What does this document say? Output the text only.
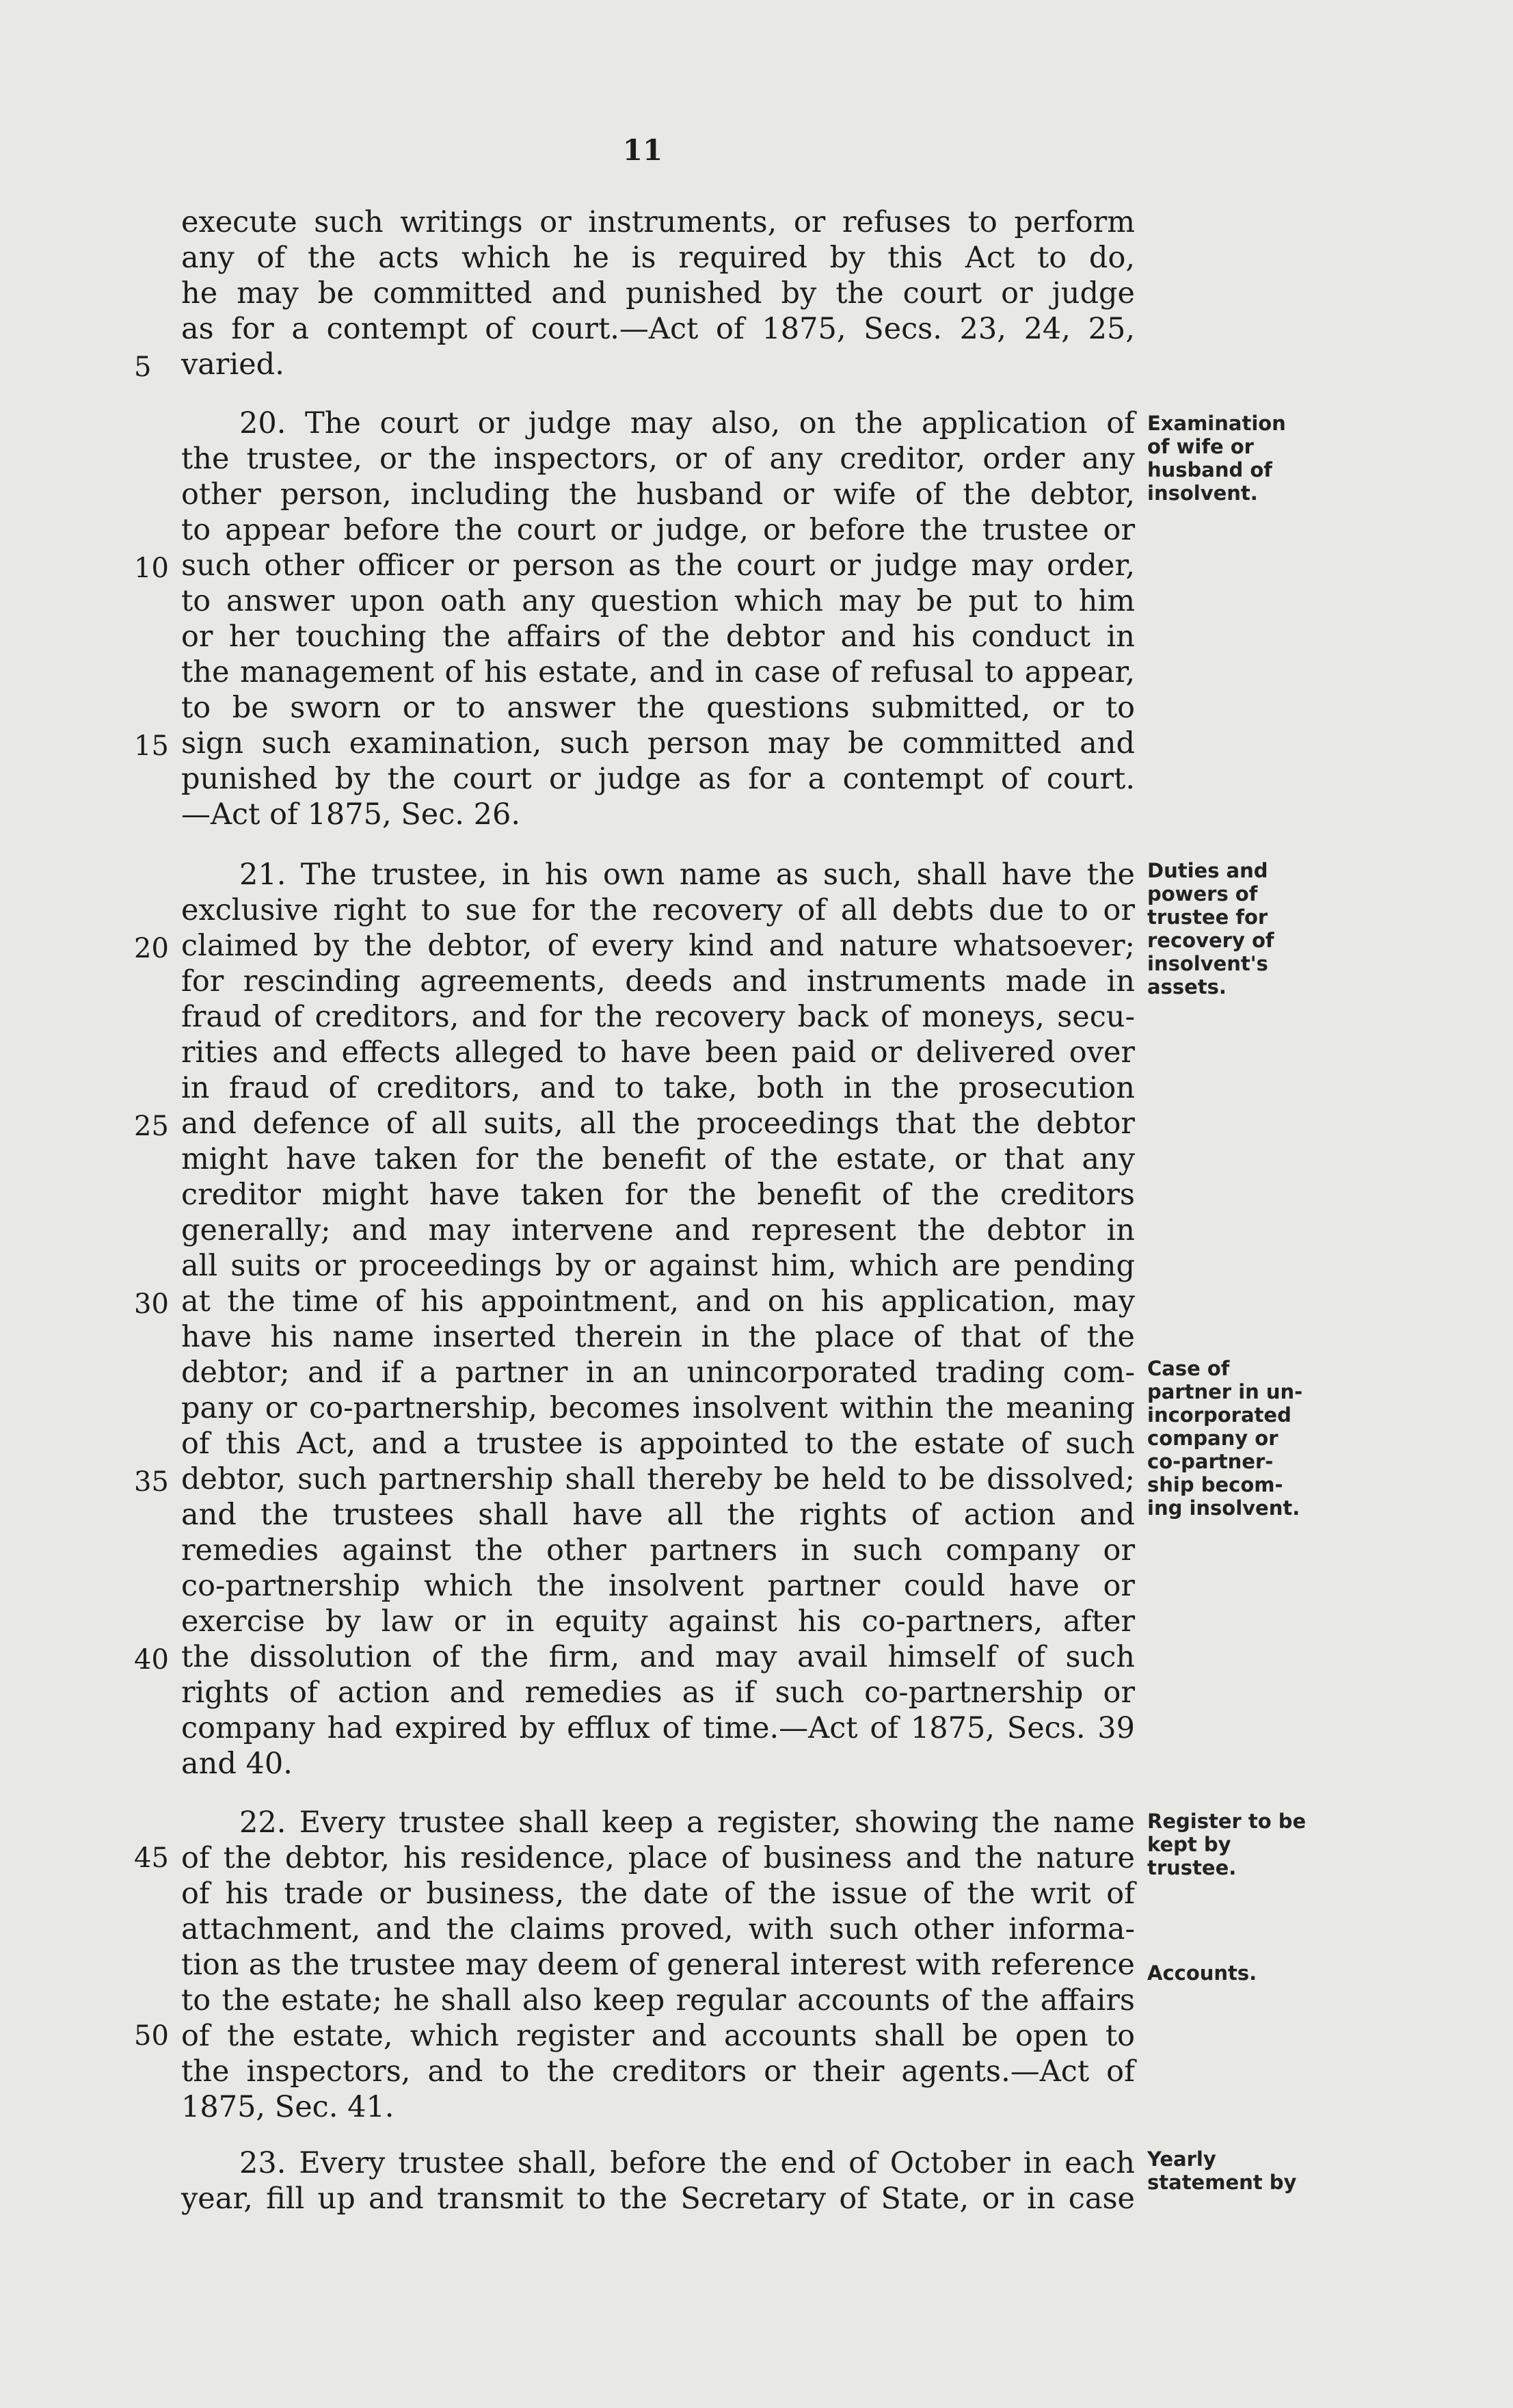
11
execute such writings or instruments, or refuses to perform
any of the acts which he is required by this Act to do,
he may be committed and punished by the court or judge
as for a contempt of court.—Act of 1875, Secs. 23, 24, 25,
varied.
20. The court or judge may also, on the application of
the trustee, or the inspectors, or of any creditor, order any
other person, including the husband or wife of the debtor,
to appear before the court or judge, or before the trustee or
such other officer or person as the court or judge may order,
to answer upon oath any question which may be put to him
or her touching the affairs of the debtor and his conduct in
the management of his estate, and in case of refusal to appear,
to be sworn or to answer the questions submitted, or to
sign such examination, such person may be committed and
punished by the court or judge as for a contempt of court.
—Act of 1875, Sec. 26.
21. The trustee, in his own name as such, shall have the
exclusive right to sue for the recovery of all debts due to or
claimed by the debtor, of every kind and nature whatsoever;
for rescinding agreements, deeds and instruments made in
fraud of creditors, and for the recovery back of moneys, secu-
rities and effects alleged to have been paid or delivered over
in fraud of creditors, and to take, both in the prosecution
and defence of all suits, all the proceedings that the debtor
might have taken for the benefit of the estate, or that any
creditor might have taken for the benefit of the creditors
generally; and may intervene and represent the debtor in
all suits or proceedings by or against him, which are pending
at the time of his appointment, and on his application, may
have his name inserted therein in the place of that of the
debtor; and if a partner in an unincorporated trading com-
pany or co-partnership, becomes insolvent within the meaning
of this Act, and a trustee is appointed to the estate of such
debtor, such partnership shall thereby be held to be dissolved;
and the trustees shall have all the rights of action and
remedies against the other partners in such company or
co-partnership which the insolvent partner could have or
exercise by law or in equity against his co-partners, after
the dissolution of the firm, and may avail himself of such
rights of action and remedies as if such co-partnership or
company had expired by efflux of time.—Act of 1875, Secs. 39
and 40.
22. Every trustee shall keep a register, showing the name
of the debtor, his residence, place of business and the nature
of his trade or business, the date of the issue of the writ of
attachment, and the claims proved, with such other informa-
tion as the trustee may deem of general interest with reference
to the estate; he shall also keep regular accounts of the affairs
of the estate, which register and accounts shall be open to
the inspectors, and to the creditors or their agents.—Act of
1875, Sec. 41.
23. Every trustee shall, before the end of October in each
year, fill up and transmit to the Secretary of State, or in case
5
10
15
20
25
30
35
40
45
50
Examination
of wife or
husband of
insolvent.
Duties and
powers of
trustee for
recovery of
insolvent's
assets.
Case of
partner in un-
incorporated
company or
co-partner-
ship becom-
ing insolvent.
Register to be
kept by
trustee.
Accounts.
Yearly
statement by
